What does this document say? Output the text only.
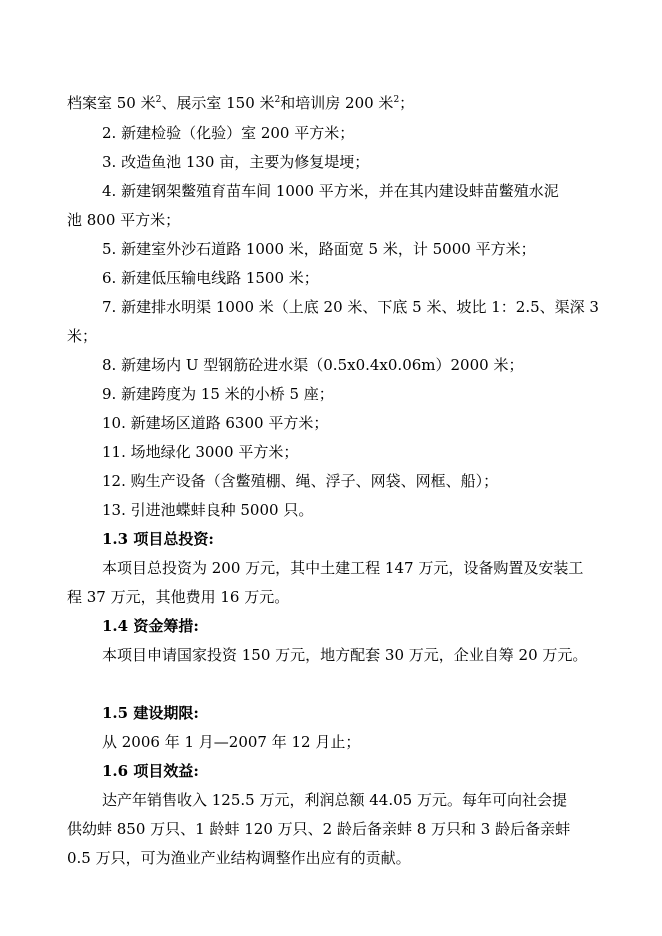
档案室 50 米$^2$、展示室 150 米$^2$和培训房 200 米$^2$；
2. 新建检验（化验）室 200 平方米；
3. 改造鱼池 130 亩，主要为修复堤埂；
4. 新建钢架鳖殖育苗车间 1000 平方米，并在其内建设蚌苗鳖殖水泥
池 800 平方米；
5. 新建室外沙石道路 1000 米，路面宽 5 米，计 5000 平方米；
6. 新建低压输电线路 1500 米；
7. 新建排水明渠 1000 米（上底 20 米、下底 5 米、坡比 1：2.5、渠深 3
米；
8. 新建场内 U 型钢筋砼进水渠（0.5x0.4x0.06m）2000 米；
9. 新建跨度为 15 米的小桥 5 座；
10. 新建场区道路 6300 平方米；
11. 场地绿化 3000 平方米；
12. 购生产设备（含鳖殖棚、绳、浮子、网袋、网框、船）；
13. 引进池蝶蚌良种 5000 只。
1.3 项目总投资:
本项目总投资为 200 万元，其中土建工程 147 万元，设备购置及安装工
程 37 万元，其他费用 16 万元。
1.4 资金筹措:
本项目申请国家投资 150 万元，地方配套 30 万元，企业自筹 20 万元。
1.5 建设期限:
从 2006 年 1 月—2007 年 12 月止；
1.6 项目效益:
达产年销售收入 125.5 万元，利润总额 44.05 万元。每年可向社会提
供幼蚌 850 万只、1 龄蚌 120 万只、2 龄后备亲蚌 8 万只和 3 龄后备亲蚌
0.5 万只，可为渔业产业结构调整作出应有的贡献。
